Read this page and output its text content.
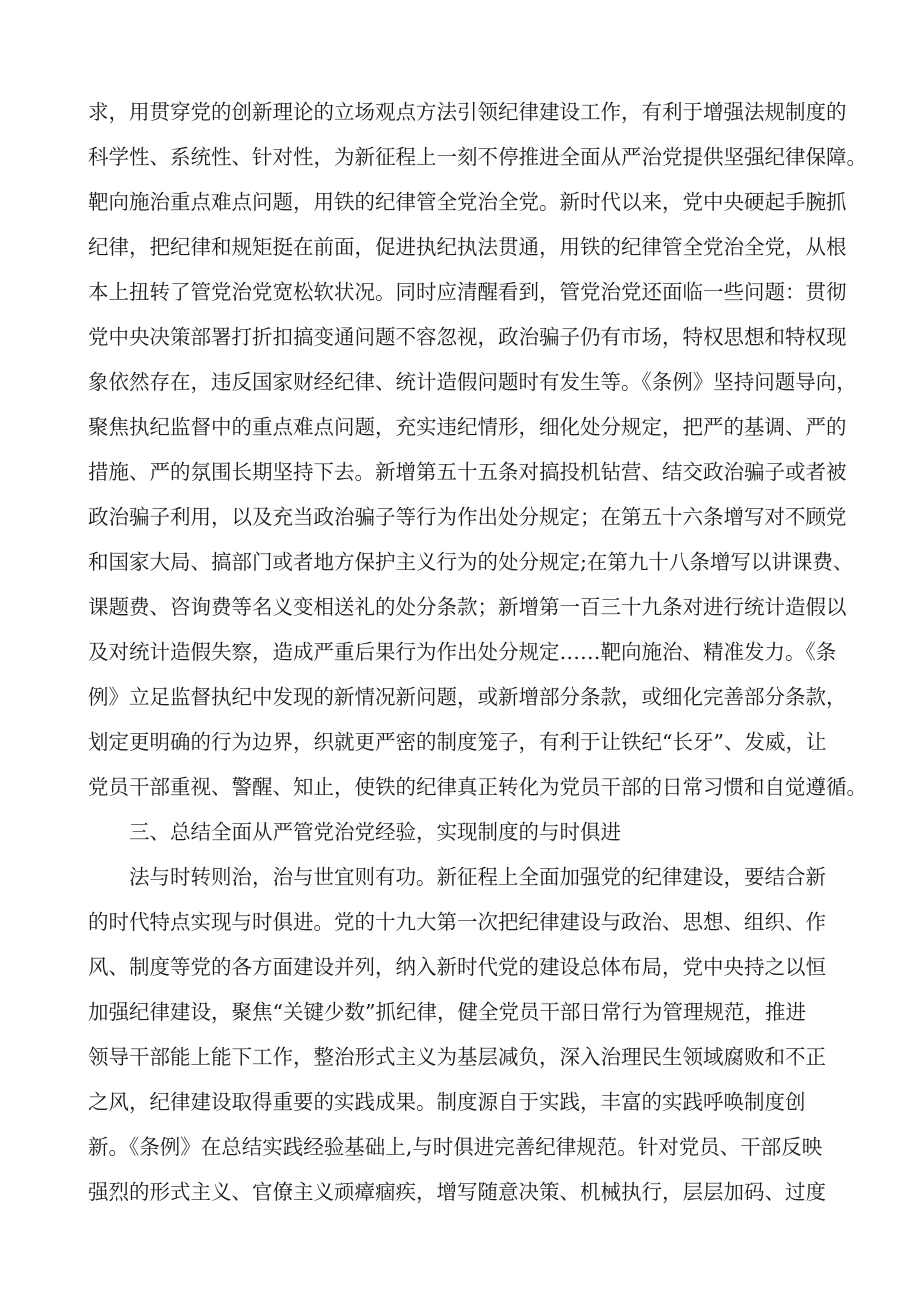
求，用贯穿党的创新理论的立场观点方法引领纪律建设工作，有利于增强法规制度的
科学性、系统性、针对性，为新征程上一刻不停推进全面从严治党提供坚强纪律保障。
靶向施治重点难点问题，用铁的纪律管全党治全党。新时代以来，党中央硬起手腕抓
纪律，把纪律和规矩挺在前面，促进执纪执法贯通，用铁的纪律管全党治全党，从根
本上扭转了管党治党宽松软状况。同时应清醒看到，管党治党还面临一些问题：贯彻
党中央决策部署打折扣搞变通问题不容忽视，政治骗子仍有市场，特权思想和特权现
象依然存在，违反国家财经纪律、统计造假问题时有发生等。《条例》坚持问题导向，
聚焦执纪监督中的重点难点问题，充实违纪情形，细化处分规定，把严的基调、严的
措施、严的氛围长期坚持下去。新增第五十五条对搞投机钻营、结交政治骗子或者被
政治骗子利用，以及充当政治骗子等行为作出处分规定；在第五十六条增写对不顾党
和国家大局、搞部门或者地方保护主义行为的处分规定;在第九十八条增写以讲课费、
课题费、咨询费等名义变相送礼的处分条款；新增第一百三十九条对进行统计造假以
及对统计造假失察，造成严重后果行为作出处分规定……靶向施治、精准发力。《条
例》立足监督执纪中发现的新情况新问题，或新增部分条款，或细化完善部分条款，
划定更明确的行为边界，织就更严密的制度笼子，有利于让铁纪“长牙”、发威，让
党员干部重视、警醒、知止，使铁的纪律真正转化为党员干部的日常习惯和自觉遵循。
三、总结全面从严管党治党经验，实现制度的与时俱进
法与时转则治，治与世宜则有功。新征程上全面加强党的纪律建设，要结合新
的时代特点实现与时俱进。党的十九大第一次把纪律建设与政治、思想、组织、作
风、制度等党的各方面建设并列，纳入新时代党的建设总体布局，党中央持之以恒
加强纪律建设，聚焦“关键少数”抓纪律，健全党员干部日常行为管理规范，推进
领导干部能上能下工作，整治形式主义为基层减负，深入治理民生领域腐败和不正
之风，纪律建设取得重要的实践成果。制度源自于实践，丰富的实践呼唤制度创
新。《条例》在总结实践经验基础上,与时俱进完善纪律规范。针对党员、干部反映
强烈的形式主义、官僚主义顽瘴痼疾，增写随意决策、机械执行，层层加码、过度
